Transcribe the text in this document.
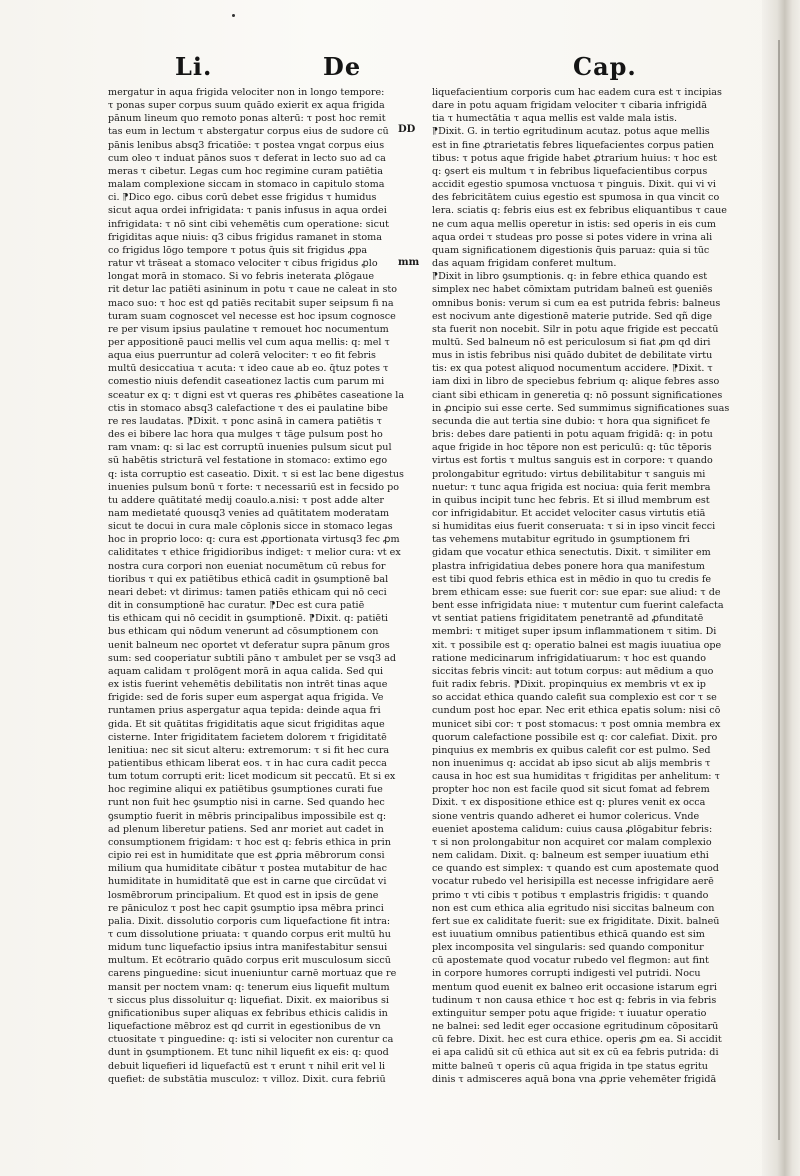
Li.	De	Cap.
DD
mm
mergatur in aqua frigida velociter non in longo tempore:
τ ponas super corpus suum quādo exierit ex aqua frigida
pānum lineum quo remoto ponas alterū: τ post hoc remit
tas eum in lectum τ abstergatur corpus eius de sudore cū
pānis lenibus absq3 fricatiōe: τ postea vngat corpus eius
cum oleo τ induat pānos suos τ deferat in lecto suo ad ca
meras τ cibetur. Legas cum hoc regimine curam patiētia
malam complexione siccam in stomaco in capitulo stoma
ci. ⁋Dico ego. cibus corū debet esse frigidus τ humidus
sicut aqua ordei infrigidata: τ panis infusus in aqua ordei
infrigidata: τ nō sint cibi vehemētis cum operatione: sicut
frigiditas aque niuis: q3 cibus frigidus ramanet in stoma
co frigidus lōgo tempore τ potus q̄uis sit frigidus ꝓpa
ratur vt trāseat a stomaco velociter τ cibus frigidus ꝓlo
longat morā in stomaco. Si vo febris ineterata ꝓlōgaue
rit detur lac patiēti asininum in potu τ caue ne caleat in sto
maco suo: τ hoc est qd patiēs recitabit super seipsum fi na
turam suam cognoscet vel necesse est hoc ipsum cognosce
re per visum ipsius paulatine τ remouet hoc nocumentum
per appositionē pauci mellis vel cum aqua mellis: q: mel τ
aqua eius puerruntur ad colerā velociter: τ eo fit febris
multū desiccatiua τ acuta: τ ideo caue ab eo. q̄tuz potes τ
comestio niuis defendit caseationez lactis cum parum mi
sceatur ex q: τ digni est vt queras res ꝓhibētes caseatione la
ctis in stomaco absq3 calefactione τ des ei paulatine bibe
re res laudatas. ⁋Dixit. τ ponc asinā in camera patiētis τ
des ei bibere lac hora qua mulges τ tāge pulsum post ho
ram vnam: q: si lac est corruptū inuenies pulsum sicut pul
sū habētis stricturā vel festatione in stomaco: extimo ego
q: ista corruptio est caseatio. Dixit. τ si est lac bene digestus
inuenies pulsum bonū τ forte: τ necessariū est in fecsido po
tu addere quātitaté medij coaulo.a.nisi: τ post adde alter
nam medietaté quousq3 venies ad quātitatem moderatam
sicut te docui in cura male cōplonis sicce in stomaco legas
hoc in proprio loco: q: cura est ꝓportionata virtusq3 fec ꝓm
caliditates τ ethice frigidioribus indiget: τ melior cura: vt ex
nostra cura corpori non eueniat nocumētum cū rebus for
tioribus τ qui ex patiētibus ethicā cadit in ꝯsumptionē bal
neari debet: vt dirimus: tamen patiēs ethicam qui nō ceci
dit in consumptionē hac curatur. ⁋Dec est cura patiē
tis ethicam qui nō cecidit in ꝯsumptionē. ⁋Dixit. q: patiēti
bus ethicam qui nōdum venerunt ad cōsumptionem con
uenit balneum nec oportet vt deferatur supra pānum gros
sum: sed cooperiatur subtili pāno τ ambulet per se vsq3 ad
aquam calidam τ prolōgent morā in aqua calida. Sed qui
ex istis fuerint vehemētis debilitatis non intrēt tinas aque
frigide: sed de foris super eum aspergat aqua frigida. Ve
runtamen prius aspergatur aqua tepida: deinde aqua fri
gida. Et sit quātitas frigiditatis aque sicut frigiditas aque
cisterne. Inter frigiditatem facietem dolorem τ frigiditatē
lenitiua: nec sit sicut alteru: extremorum: τ si fit hec cura
patientibus ethicam liberat eos. τ in hac cura cadit pecca
tum totum corrupti erit: licet modicum sit peccatū. Et si ex
hoc regimine aliqui ex patiētibus ꝯsumptiones curati fue
runt non fuit hec ꝯsumptio nisi in carne. Sed quando hec
ꝯsumptio fuerit in mēbris principalibus impossibile est q:
ad plenum liberetur patiens. Sed anr moriet aut cadet in
consumptionem frigidam: τ hoc est q: febris ethica in prin
cipio rei est in humiditate que est ꝓpria mēbrorum consi
milium qua humiditate cibātur τ postea mutabitur de hac
humiditate in humiditatē que est in carne que circūdat vi
losmēbrorum principalium. Et quod est in ipsis de gene
re pāniculoz τ post hec capit ꝯsumptio ipsa mēbra princi
palia. Dixit. dissolutio corporis cum liquefactione fit intra:
τ cum dissolutione priuata: τ quando corpus erit multū hu
midum tunc liquefactio ipsius intra manifestabitur sensui
multum. Et ecōtrario quādo corpus erit musculosum siccū
carens pinguedine: sicut inueniuntur carnē mortuaz que re
mansit per noctem vnam: q: tenerum eius liquefit multum
τ siccus plus dissoluitur q: liquefiat. Dixit. ex maioribus si
gnificationibus super aliquas ex febribus ethicis calidis in
liquefactione mēbroz est qd currit in egestionibus de vn
ctuositate τ pinguedine: q: isti si velociter non curentur ca
dunt in ꝯsumptionem. Et tunc nihil liquefit ex eis: q: quod
debuit liquefieri id liquefactū est τ erunt τ nihil erit vel li
quefiet: de substātia musculoz: τ villoz. Dixit. cura febriū
liquefacientium corporis cum hac eadem cura est τ incipias
dare in potu aquam frigidam velociter τ cibaria infrigidā
tia τ humectātia τ aqua mellis est valde mala istis.
⁋Dixit. G. in tertio egritudinum acutaz. potus aque mellis
est in fine ꝓtrarietatis febres liquefacientes corpus patien
tibus: τ potus aque frigide habet ꝓtrarium huius: τ hoc est
q: ꝯsert eis multum τ in febribus liquefacientibus corpus
accidit egestio spumosa vnctuosa τ pinguis. Dixit. qui vi vi
des febricitātem cuius egestio est spumosa in qua vincit co
lera. sciatis q: febris eius est ex febribus eliquantibus τ caue
ne cum aqua mellis operetur in istis: sed operis in eis cum
aqua ordei τ studeas pro posse si potes videre in vrina ali
quam significationem digestionis q̄uis paruaz: quia si tūc
das aquam frigidam conferet multum.
⁋Dixit in libro ꝯsumptionis. q: in febre ethica quando est
simplex nec habet cōmixtam putridam balneū est ꝯueniēs
omnibus bonis: verum si cum ea est putrida febris: balneus
est nocivum ante digestionē materie putride. Sed qñ dige
sta fuerit non nocebit. Silr in potu aque frigide est peccatū
multū. Sed balneum nō est periculosum si fiat ꝓm qd diri
mus in istis febribus nisi quādo dubitet de debilitate virtu
tis: ex qua potest aliquod nocumentum accidere. ⁋Dixit. τ
iam dixi in libro de speciebus febrium q: alique febres asso
ciant sibi ethicam in generetia q: nō possunt significationes
in ꝓncipio sui esse certe. Sed summimus significationes suas
secunda die aut tertia sine dubio: τ hora qua significet fe
bris: debes dare patienti in potu aquam frigidā: q: in potu
aque frigide in hoc tēpore non est periculū: q: tūc tēporis
virtus est fortis τ multus sanguis est in corpore: τ quando
prolongabitur egritudo: virtus debilitabitur τ sanguis mi
nuetur: τ tunc aqua frigida est nociua: quia ferit membra
in quibus incipit tunc hec febris. Et si illud membrum est
cor infrigidabitur. Et accidet velociter casus virtutis etiā
si humiditas eius fuerit conseruata: τ si in ipso vincit fecci
tas vehemens mutabitur egritudo in ꝯsumptionem fri
gidam que vocatur ethica senectutis. Dixit. τ similiter em
plastra infrigidatiua debes ponere hora qua manifestum
est tibi quod febris ethica est in mēdio in quo tu credis fe
brem ethicam esse: sue fuerit cor: sue epar: sue aliud: τ de
bent esse infrigidata niue: τ mutentur cum fuerint calefacta
vt sentiat patiens frigiditatem penetrantē ad ꝓfunditatē
membri: τ mitiget super ipsum inflammationem τ sitim. Di
xit. τ possibile est q: operatio balnei est magis iuuatiua ope
ratione medicinarum infrigidatiuarum: τ hoc est quando
siccitas febris vincit: aut totum corpus: aut mēdium a quo
fuit radix febris. ⁋Dixit. propinquius ex membris vt ex ip
so accidat ethica quando calefit sua complexio est cor τ se
cundum post hoc epar. Nec erit ethica epatis solum: nisi cō
municet sibi cor: τ post stomacus: τ post omnia membra ex
quorum calefactione possibile est q: cor calefiat. Dixit. pro
pinquius ex membris ex quibus calefit cor est pulmo. Sed
non inuenimus q: accidat ab ipso sicut ab alijs membris τ
causa in hoc est sua humiditas τ frigiditas per anhelitum: τ
propter hoc non est facile quod sit sicut fomat ad febrem
Dixit. τ ex dispositione ethice est q: plures venit ex occa
sione ventris quando adheret ei humor colericus. Vnde
eueniet apostema calidum: cuius causa ꝓlōgabitur febris:
τ si non prolongabitur non acquiret cor malam complexio
nem calidam. Dixit. q: balneum est semper iuuatium ethi
ce quando est simplex: τ quando est cum apostemate quod
vocatur rubedo vel herisipilla est necesse infrigidare aerē
primo τ vti cibis τ potibus τ emplastris frigidis: τ quando
non est cum ethica alia egritudo nisi siccitas balneum con
fert sue ex caliditate fuerit: sue ex frigiditate. Dixit. balneū
est iuuatium omnibus patientibus ethicā quando est sim
plex incomposita vel singularis: sed quando componitur
cū apostemate quod vocatur rubedo vel flegmon: aut fint
in corpore humores corrupti indigesti vel putridi. Nocu
mentum quod euenit ex balneo erit occasione istarum egri
tudinum τ non causa ethice τ hoc est q: febris in via febris
extinguitur semper potu aque frigide: τ iuuatur operatio
ne balnei: sed ledit eger occasione egritudinum cōpositarū
cū febre. Dixit. hec est cura ethice. operis ꝓm ea. Si accidit
ei apa calidū sit cū ethica aut sit ex cū ea febris putrida: di
mitte balneū τ operis cū aqua frigida in tpe status egritu
dinis τ admisceres aquā bona vna ꝓprie vehemēter frigidā
